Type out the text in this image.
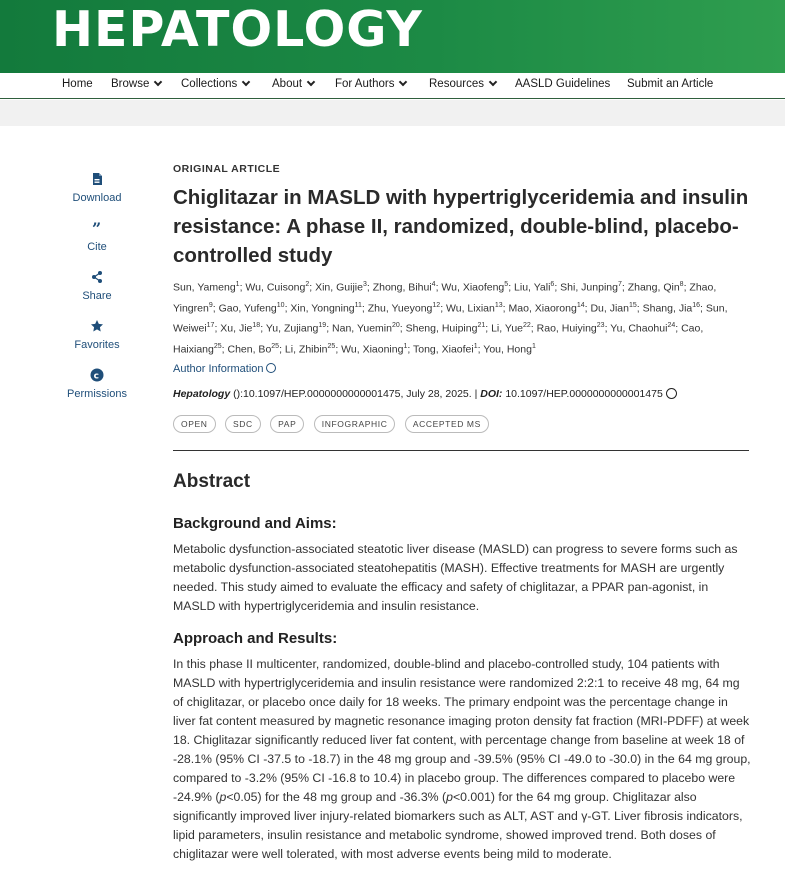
HEPATOLOGY
Home Browse	Collections	About	For Authors	Resources	AASLD Guidelines Submit an Article
Download
”
Cite
Share
Favorites
c
Permissions
ORIGINAL ARTICLE
Chiglitazar in MASLD with hypertriglyceridemia and insulin resistance: A phase II, randomized, double-blind, placebo-controlled study
Sun, Yameng$^1$; Wu, Cuisong$^2$; Xin, Guijie$^3$; Zhong, Bihui$^4$; Wu, Xiaofeng$^5$; Liu, Yali$^6$; Shi, Junping$^7$; Zhang, Qin$^8$; Zhao, Yingren$^9$; Gao, Yufeng$^{10}$; Xin, Yongning$^{11}$; Zhu, Yueyong$^{12}$; Wu, Lixian$^{13}$; Mao, Xiaorong$^{14}$; Du, Jian$^{15}$; Shang, Jia$^{16}$; Sun, Weiwei$^{17}$; Xu, Jie$^{18}$; Yu, Zujiang$^{19}$; Nan, Yuemin$^{20}$; Sheng, Huiping$^{21}$; Li, Yue$^{22}$; Rao, Huiying$^{23}$; Yu, Chaohui$^{24}$; Cao, Haixiang$^{25}$; Chen, Bo$^{25}$; Li, Zhibin$^{25}$; Wu, Xiaoning$^1$; Tong, Xiaofei$^1$; You, Hong$^1$
Author Information
Hepatology ():10.1097/HEP.0000000000001475, July 28, 2025. | DOI: 10.1097/HEP.0000000000001475
OPEN	SDC	PAP	INFOGRAPHIC	ACCEPTED MS
Abstract
Background and Aims:

Metabolic dysfunction-associated steatotic liver disease (MASLD) can progress to severe forms such as metabolic dysfunction-associated steatohepatitis (MASH). Effective treatments for MASH are urgently needed. This study aimed to evaluate the efficacy and safety of chiglitazar, a PPAR pan-agonist, in MASLD with hypertriglyceridemia and insulin resistance.

Approach and Results:

In this phase II multicenter, randomized, double-blind and placebo-controlled study, 104 patients with MASLD with hypertriglyceridemia and insulin resistance were randomized 2:2:1 to receive 48 mg, 64 mg of chiglitazar, or placebo once daily for 18 weeks. The primary endpoint was the percentage change in liver fat content measured by magnetic resonance imaging proton density fat fraction (MRI-PDFF) at week 18. Chiglitazar significantly reduced liver fat content, with percentage change from baseline at week 18 of -28.1% (95% CI -37.5 to -18.7) in the 48 mg group and -39.5% (95% CI -49.0 to -30.0) in the 64 mg group, compared to -3.2% (95% CI -16.8 to 10.4) in placebo group. The differences compared to placebo were -24.9% (p<0.05) for the 48 mg group and -36.3% (p<0.001) for the 64 mg group. Chiglitazar also significantly improved liver injury-related biomarkers such as ALT, AST and γ-GT. Liver fibrosis indicators, lipid parameters, insulin resistance and metabolic syndrome, showed improved trend. Both doses of chiglitazar were well tolerated, with most adverse events being mild to moderate.
